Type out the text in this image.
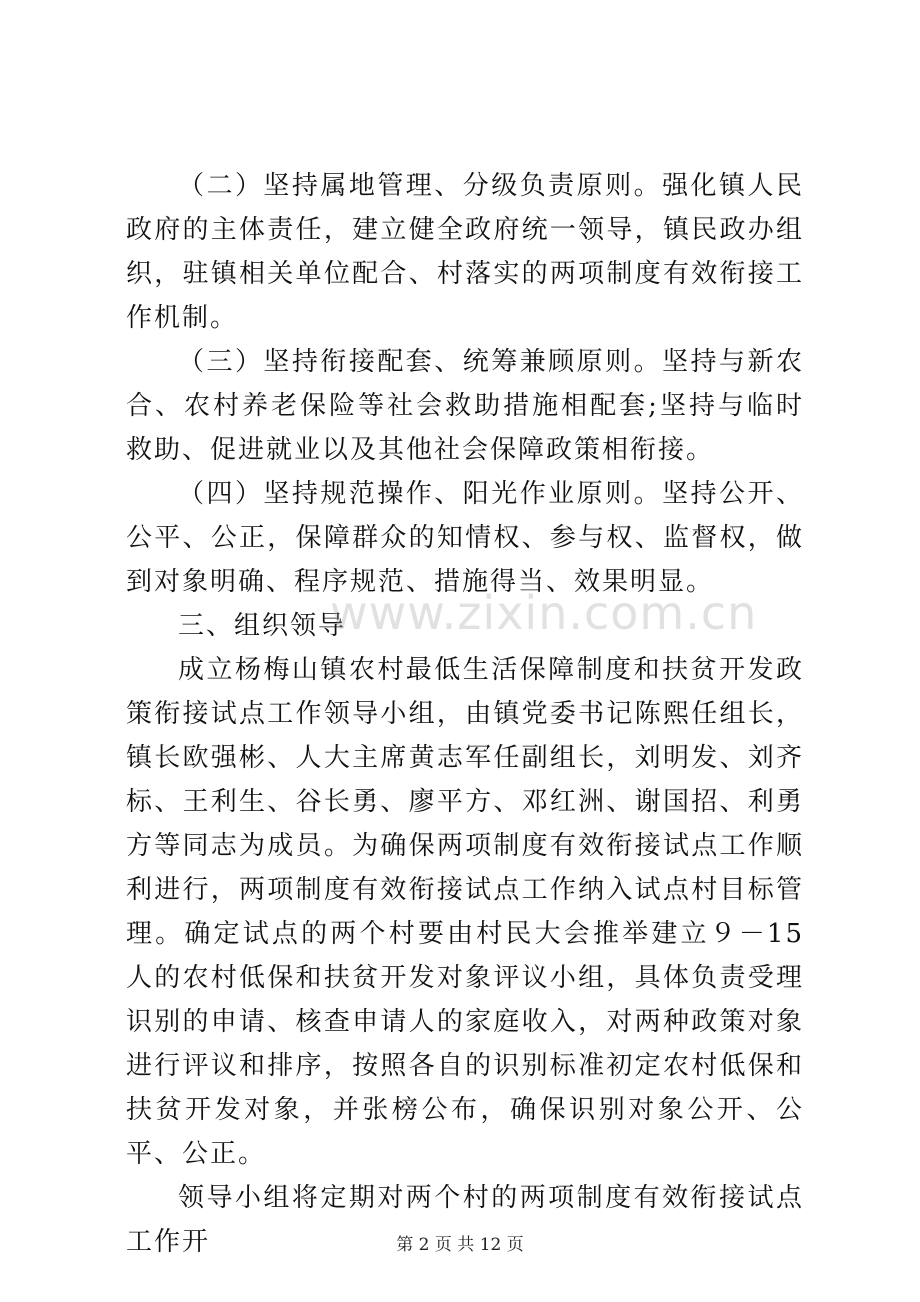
（二）坚持属地管理、分级负责原则。强化镇人民政府的主体责任，建立健全政府统一领导，镇民政办组织，驻镇相关单位配合、村落实的两项制度有效衔接工作机制。

（三）坚持衔接配套、统筹兼顾原则。坚持与新农合、农村养老保险等社会救助措施相配套;坚持与临时救助、促进就业以及其他社会保障政策相衔接。

（四）坚持规范操作、阳光作业原则。坚持公开、公平、公正，保障群众的知情权、参与权、监督权，做到对象明确、程序规范、措施得当、效果明显。

三、组织领导

成立杨梅山镇农村最低生活保障制度和扶贫开发政策衔接试点工作领导小组，由镇党委书记陈熙任组长，镇长欧强彬、人大主席黄志军任副组长，刘明发、刘齐标、王利生、谷长勇、廖平方、邓红洲、谢国招、利勇方等同志为成员。为确保两项制度有效衔接试点工作顺利进行，两项制度有效衔接试点工作纳入试点村目标管理。确定试点的两个村要由村民大会推举建立９－15人的农村低保和扶贫开发对象评议小组，具体负责受理识别的申请、核查申请人的家庭收入，对两种政策对象进行评议和排序，按照各自的识别标准初定农村低保和扶贫开发对象，并张榜公布，确保识别对象公开、公平、公正。

领导小组将定期对两个村的两项制度有效衔接试点工作开

www.zixin.com.cn
第 2 页 共 12 页
